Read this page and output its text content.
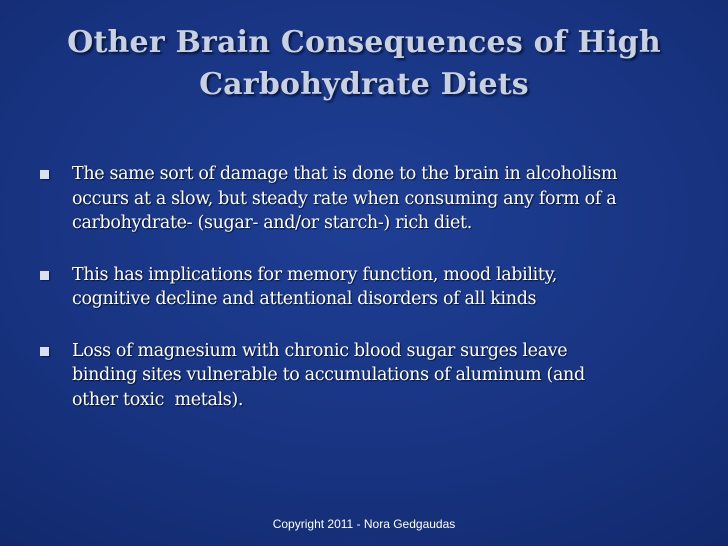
Other Brain Consequences of High
Carbohydrate Diets
The same sort of damage that is done to the brain in alcoholism
occurs at a slow, but steady rate when consuming any form of a
carbohydrate- (sugar- and/or starch-) rich diet.
This has implications for memory function, mood lability,
cognitive decline and attentional disorders of all kinds
Loss of magnesium with chronic blood sugar surges leave
binding sites vulnerable to accumulations of aluminum (and
other toxic  metals).
Copyright 2011 - Nora Gedgaudas
